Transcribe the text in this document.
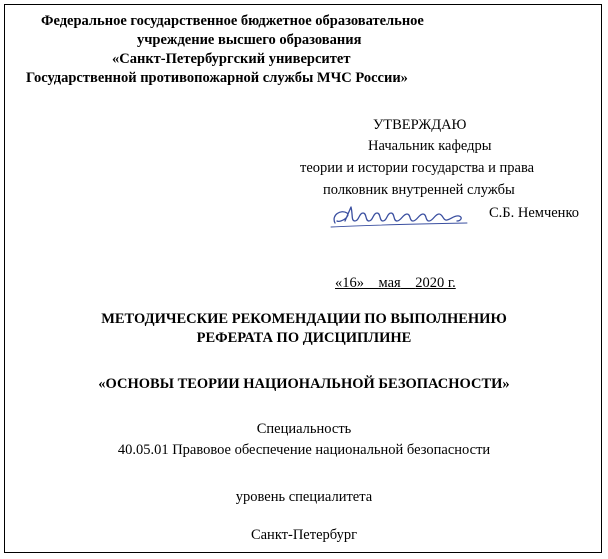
Федеральное государственное бюджетное образовательное
учреждение высшего образования
«Санкт-Петербургский университет
Государственной противопожарной службы МЧС России»
УТВЕРЖДАЮ
Начальник кафедры
теории и истории государства и права
полковник внутренней службы
С.Б. Немченко
«16» мая 2020 г.
МЕТОДИЧЕСКИЕ РЕКОМЕНДАЦИИ ПО ВЫПОЛНЕНИЮ
РЕФЕРАТА ПО ДИСЦИПЛИНЕ
«ОСНОВЫ ТЕОРИИ НАЦИОНАЛЬНОЙ БЕЗОПАСНОСТИ»
Специальность
40.05.01 Правовое обеспечение национальной безопасности
уровень специалитета
Санкт-Петербург
